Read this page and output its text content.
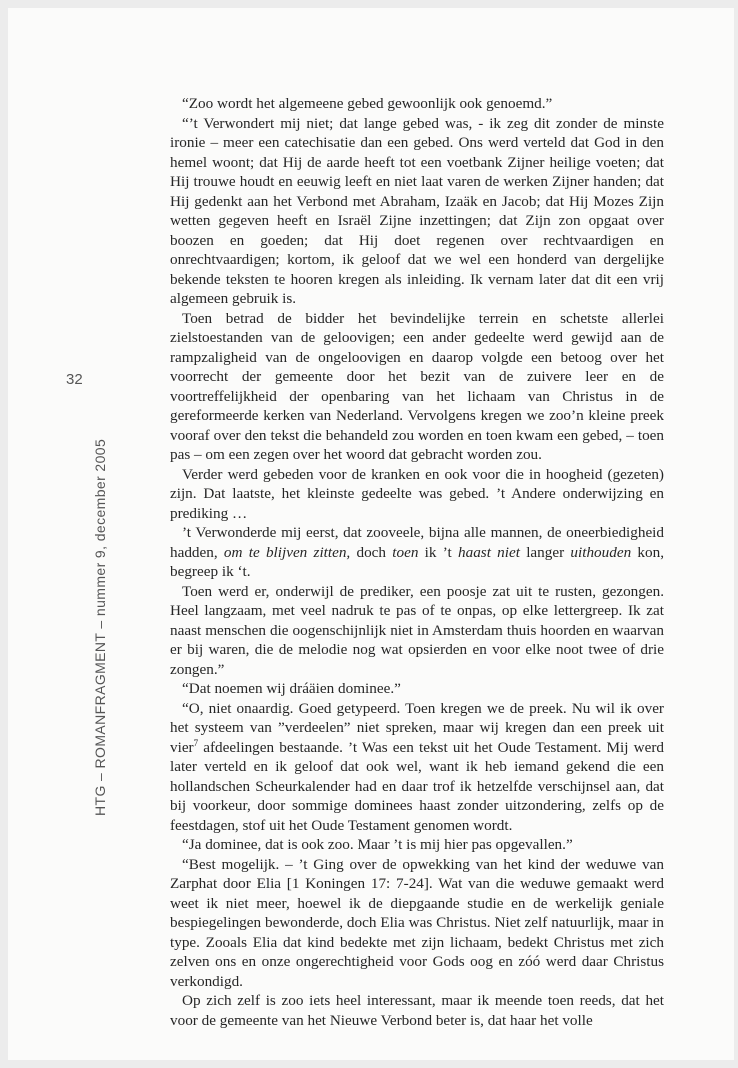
32
HTG – ROMANFRAGMENT – nummer 9, december 2005

“Zoo wordt het algemeene gebed gewoonlijk ook genoemd.”

“’t Verwondert mij niet; dat lange gebed was, - ik zeg dit zonder de minste ironie – meer een catechisatie dan een gebed. Ons werd verteld dat God in den hemel woont; dat Hij de aarde heeft tot een voetbank Zijner heilige voeten; dat Hij trouwe houdt en eeuwig leeft en niet laat varen de werken Zijner handen; dat Hij gedenkt aan het Verbond met Abraham, Izaäk en Jacob; dat Hij Mozes Zijn wetten gegeven heeft en Israël Zijne inzettingen; dat Zijn zon opgaat over boozen en goeden; dat Hij doet regenen over rechtvaardigen en onrechtvaardigen; kortom, ik geloof dat we wel een honderd van dergelijke bekende teksten te hooren kregen als inleiding. Ik vernam later dat dit een vrij algemeen gebruik is.

Toen betrad de bidder het bevindelijke terrein en schetste allerlei zielstoestanden van de geloovigen; een ander gedeelte werd gewijd aan de rampzaligheid van de ongeloovigen en daarop volgde een betoog over het voorrecht der gemeente door het bezit van de zuivere leer en de voortreffelijkheid der openbaring van het lichaam van Christus in de gereformeerde kerken van Nederland. Vervolgens kregen we zoo’n kleine preek vooraf over den tekst die behandeld zou worden en toen kwam een gebed, – toen pas – om een zegen over het woord dat gebracht worden zou.

Verder werd gebeden voor de kranken en ook voor die in hoogheid (gezeten) zijn. Dat laatste, het kleinste gedeelte was gebed. ’t Andere onderwijzing en prediking …

’t Verwonderde mij eerst, dat zooveele, bijna alle mannen, de oneerbiedigheid hadden, om te blijven zitten, doch toen ik ’t haast niet langer uithouden kon, begreep ik ‘t.

Toen werd er, onderwijl de prediker, een poosje zat uit te rusten, gezongen. Heel langzaam, met veel nadruk te pas of te onpas, op elke lettergreep. Ik zat naast menschen die oogenschijnlijk niet in Amsterdam thuis hoorden en waarvan er bij waren, die de melodie nog wat opsierden en voor elke noot twee of drie zongen.”

“Dat noemen wij dráäien dominee.”

“O, niet onaardig. Goed getypeerd. Toen kregen we de preek. Nu wil ik over het systeem van ”verdeelen” niet spreken, maar wij kregen dan een preek uit vier$^7$ afdeelingen bestaande. ’t Was een tekst uit het Oude Testament. Mij werd later verteld en ik geloof dat ook wel, want ik heb iemand gekend die een hollandschen Scheurkalender had en daar trof ik hetzelfde verschijnsel aan, dat bij voorkeur, door sommige dominees haast zonder uitzondering, zelfs op de feestdagen, stof uit het Oude Testament genomen wordt.

“Ja dominee, dat is ook zoo. Maar ’t is mij hier pas opgevallen.”

“Best mogelijk. – ’t Ging over de opwekking van het kind der weduwe van Zarphat door Elia [1 Koningen 17: 7-24]. Wat van die weduwe gemaakt werd weet ik niet meer, hoewel ik de diepgaande studie en de werkelijk geniale bespiegelingen bewonderde, doch Elia was Christus. Niet zelf natuurlijk, maar in type. Zooals Elia dat kind bedekte met zijn lichaam, bedekt Christus met zich zelven ons en onze ongerechtigheid voor Gods oog en zóó werd daar Christus verkondigd.

Op zich zelf is zoo iets heel interessant, maar ik meende toen reeds, dat het voor de gemeente van het Nieuwe Verbond beter is, dat haar het volle
